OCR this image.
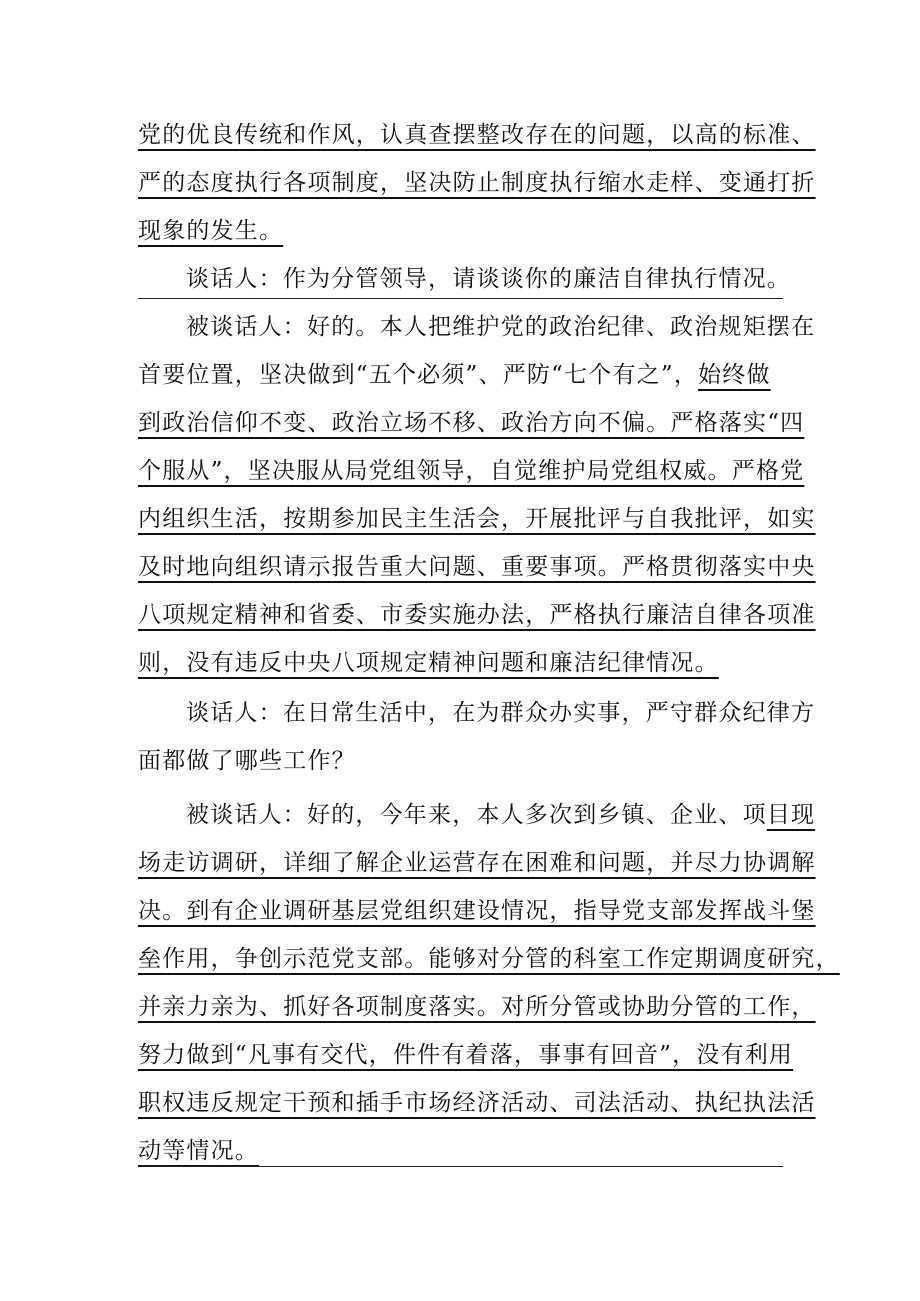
党的优良传统和作风，认真查摆整改存在的问题，以高的标准、
严的态度执行各项制度，坚决防止制度执行缩水走样、变通打折
现象的发生。
谈话人：作为分管领导，请谈谈你的廉洁自律执行情况。
被谈话人：好的。本人把维护党的政治纪律、政治规矩摆在
首要位置，坚决做到“五个必须”、严防“七个有之”，始终做
到政治信仰不变、政治立场不移、政治方向不偏。严格落实“四
个服从”，坚决服从局党组领导，自觉维护局党组权威。严格党
内组织生活，按期参加民主生活会，开展批评与自我批评，如实
及时地向组织请示报告重大问题、重要事项。严格贯彻落实中央
八项规定精神和省委、市委实施办法，严格执行廉洁自律各项准
则，没有违反中央八项规定精神问题和廉洁纪律情况。
谈话人：在日常生活中，在为群众办实事，严守群众纪律方
面都做了哪些工作？
被谈话人：好的，今年来，本人多次到乡镇、企业、项目现
场走访调研，详细了解企业运营存在困难和问题，并尽力协调解
决。到有企业调研基层党组织建设情况，指导党支部发挥战斗堡
垒作用，争创示范党支部。能够对分管的科室工作定期调度研究，
并亲力亲为、抓好各项制度落实。对所分管或协助分管的工作，
努力做到“凡事有交代，件件有着落，事事有回音”，没有利用
职权违反规定干预和插手市场经济活动、司法活动、执纪执法活
动等情况。
